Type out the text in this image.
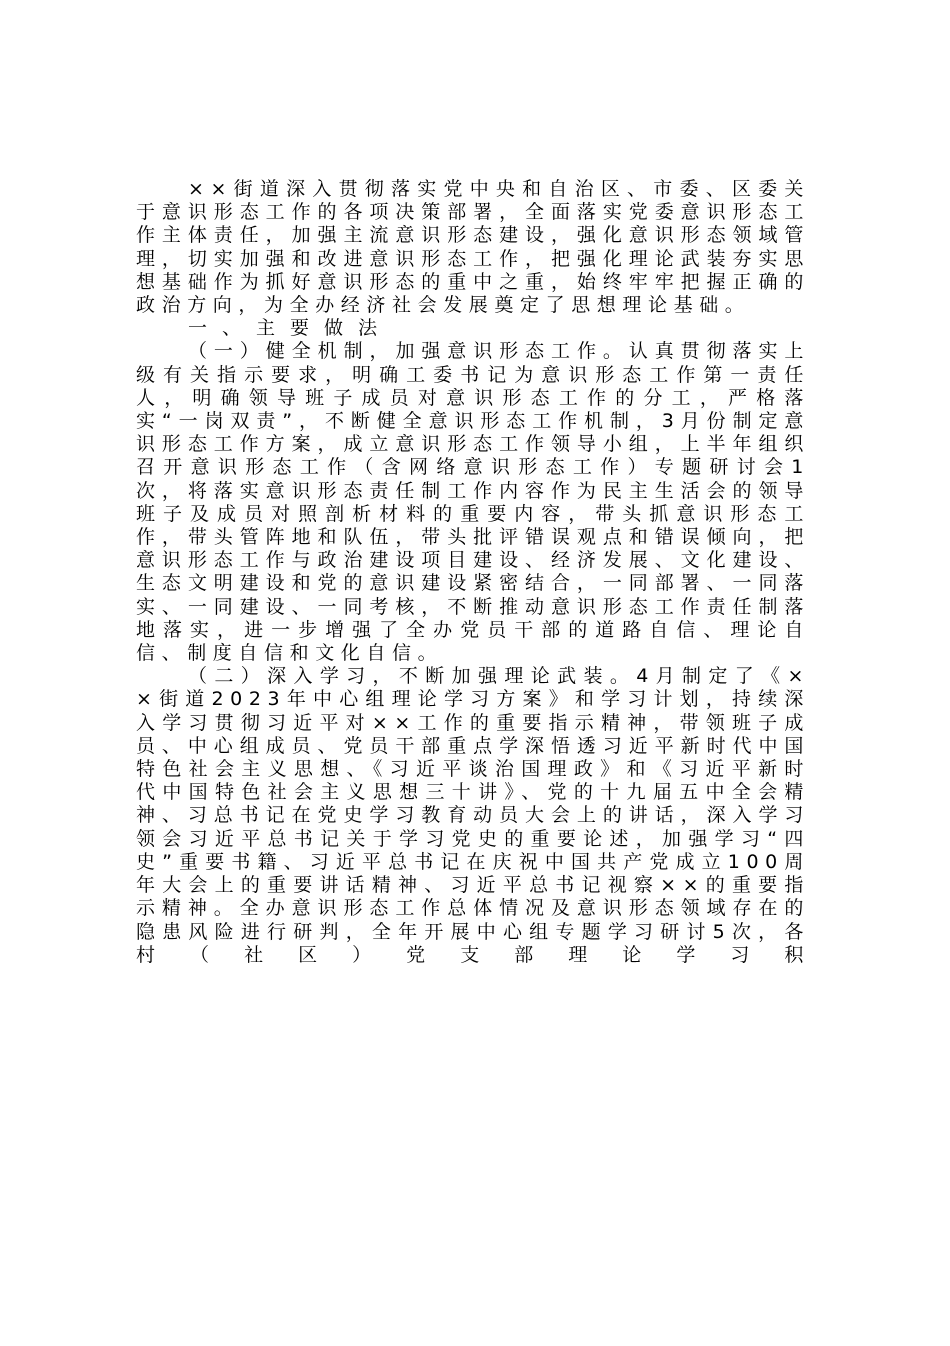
××街道深入贯彻落实党中央和自治区、市委、区委关于意识形态工作的各项决策部署，全面落实党委意识形态工作主体责任，加强主流意识形态建设，强化意识形态领域管理，切实加强和改进意识形态工作，把强化理论武装夯实思想基础作为抓好意识形态的重中之重，始终牢牢把握正确的政治方向，为全办经济社会发展奠定了思想理论基础。

一、主要做法

（一）健全机制，加强意识形态工作。认真贯彻落实上级有关指示要求，明确工委书记为意识形态工作第一责任人，明确领导班子成员对意识形态工作的分工，严格落实“一岗双责”，不断健全意识形态工作机制，3月份制定意识形态工作方案，成立意识形态工作领导小组，上半年组织召开意识形态工作（含网络意识形态工作）专题研讨会1次，将落实意识形态责任制工作内容作为民主生活会的领导班子及成员对照剖析材料的重要内容，带头抓意识形态工作，带头管阵地和队伍，带头批评错误观点和错误倾向，把意识形态工作与政治建设项目建设、经济发展、文化建设、生态文明建设和党的意识建设紧密结合，一同部署、一同落实、一同建设、一同考核，不断推动意识形态工作责任制落地落实，进一步增强了全办党员干部的道路自信、理论自信、制度自信和文化自信。

（二）深入学习，不断加强理论武装。4月制定了《××街道2023年中心组理论学习方案》和学习计划，持续深入学习贯彻习近平对××工作的重要指示精神，带领班子成员、中心组成员、党员干部重点学深悟透习近平新时代中国特色社会主义思想、《习近平谈治国理政》和《习近平新时代中国特色社会主义思想三十讲》、党的十九届五中全会精神、习总书记在党史学习教育动员大会上的讲话，深入学习领会习近平总书记关于学习党史的重要论述，加强学习“四史”重要书籍、习近平总书记在庆祝中国共产党成立100周年大会上的重要讲话精神、习近平总书记视察××的重要指示精神。全办意识形态工作总体情况及意识形态领域存在的隐患风险进行研判，全年开展中心组专题学习研讨5次，各村（社区）党支部理论学习积
